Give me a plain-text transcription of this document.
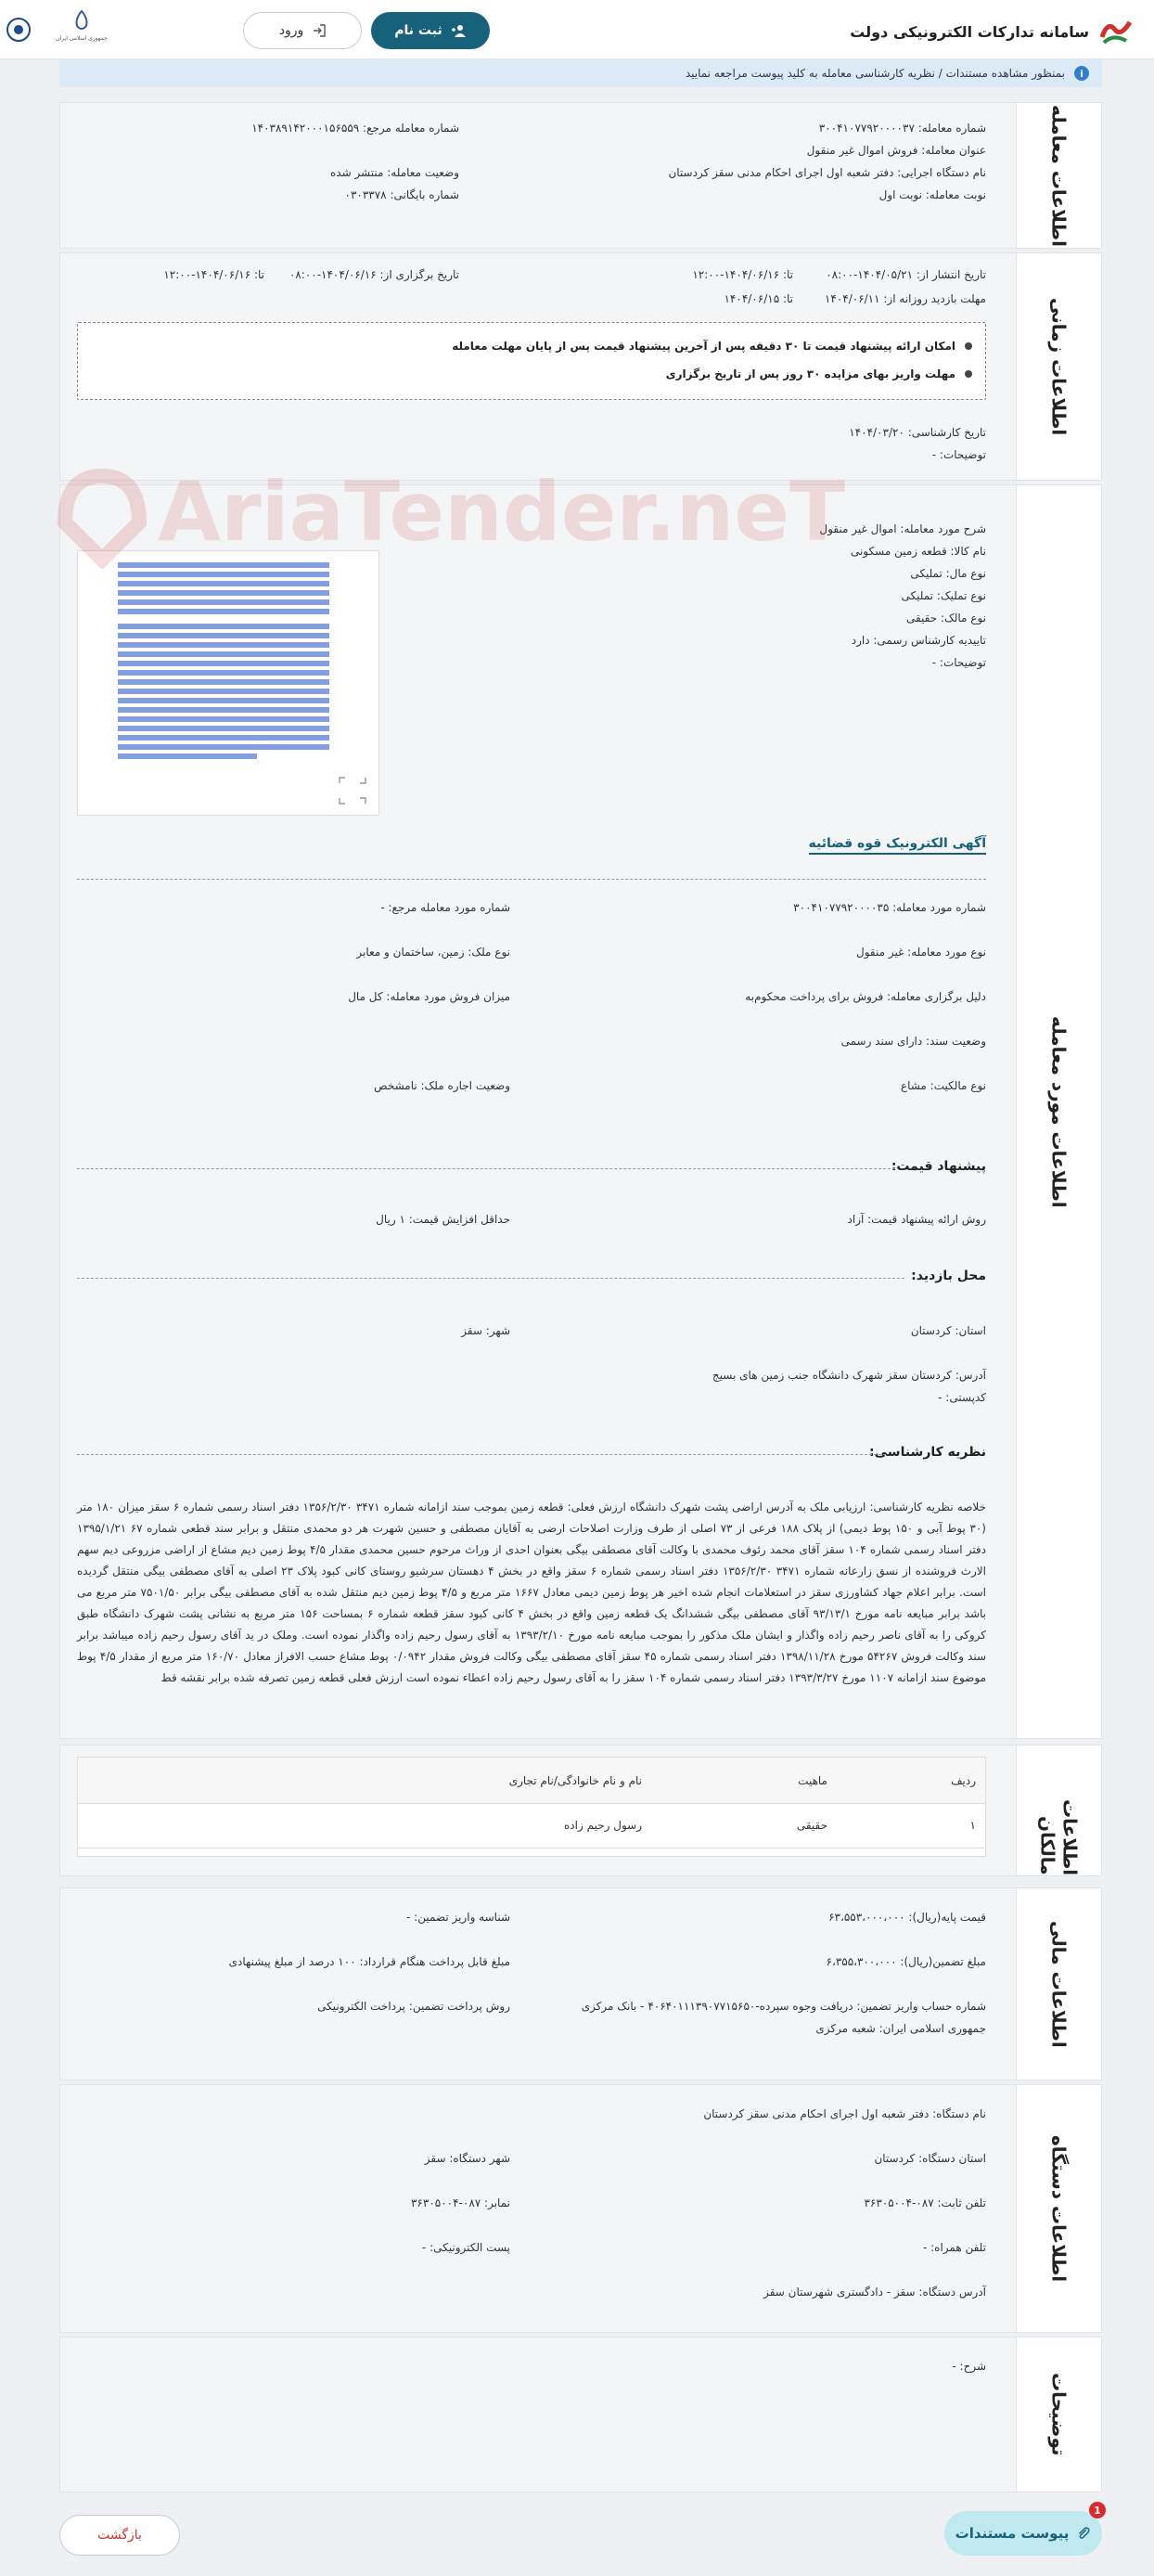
سامانه تدارکات الکترونیکی دولت
ثبت نام
ورود
جمهوری اسلامی ایران
i
بمنظور مشاهده مستندات / نظریه کارشناسی معامله به کلید پیوست مراجعه نمایید
اطلاعات معامله
شماره معامله: ۳۰۰۴۱۰۷۷۹۲۰۰۰۰۳۷
شماره معامله مرجع: ۱۴۰۳۸۹۱۴۲۰۰۰۱۵۶۵۵۹
عنوان معامله: فروش اموال غیر منقول
نام دستگاه اجرایی: دفتر شعبه اول اجرای احکام مدنی سقز کردستان
وضعیت معامله: منتشر شده
نوبت معامله: نوبت اول
شماره بایگانی: ۰۳۰۳۳۷۸
اطلاعات زمانی
تاریخ انتشار از: ۱۴۰۴/۰۵/۲۱-۰۸:۰۰
تا: ۱۴۰۴/۰۶/۱۶-۱۲:۰۰
تاریخ برگزاری از: ۱۴۰۴/۰۶/۱۶-۰۸:۰۰
تا: ۱۴۰۴/۰۶/۱۶-۱۲:۰۰
مهلت بازدید روزانه از: ۱۴۰۴/۰۶/۱۱
تا: ۱۴۰۴/۰۶/۱۵
امکان ارائه پیشنهاد قیمت تا ۳۰ دقیقه پس از آخرین پیشنهاد قیمت پس از پایان مهلت معامله
مهلت واریز بهای مزایده ۳۰ روز پس از تاریخ برگزاری
تاریخ کارشناسی: ۱۴۰۴/۰۳/۲۰
توضیحات: -
اطلاعات مورد معامله
شرح مورد معامله: اموال غیر منقول
نام کالا: قطعه زمین مسکونی
نوع مال: تملیکی
نوع تملیک: تملیکی
نوع مالک: حقیقی
تاییدیه کارشناس رسمی: دارد
توضیحات: -
آگهی الکترونیک قوه قضائیه
شماره مورد معامله: ۳۰۰۴۱۰۷۷۹۲۰۰۰۰۳۵
شماره مورد معامله مرجع: -
نوع مورد معامله: غیر منقول
نوع ملک: زمین، ساختمان و معابر
دلیل برگزاری معامله: فروش برای پرداخت محکوم‌به
میزان فروش مورد معامله: کل مال
وضعیت سند: دارای سند رسمی
نوع مالکیت: مشاع
وضعیت اجاره ملک: نامشخص
پیشنهاد قیمت:
روش ارائه پیشنهاد قیمت: آزاد
حداقل افزایش قیمت: ۱ ریال
محل بازدید:
استان: کردستان
شهر: سقز
آدرس: کردستان سقز شهرک دانشگاه جنب زمین های بسیج
کدپستی: -
نظریه کارشناسی:
خلاصه نظریه کارشناسی: ارزیابی ملک به آدرس اراضی پشت شهرک دانشگاه ارزش فعلی: قطعه زمین بموجب سند ازامانه شماره ۳۴۷۱ ۱۳۵۶/۲/۳۰ دفتر اسناد رسمی شماره ۶ سقز میزان ۱۸۰ متر (۳۰ پوط آبی و ۱۵۰ پوط دیمی) از پلاک ۱۸۸ فرعی از ۷۳ اصلی از طرف وزارت اصلاحات ارضی به آقایان مصطفی و حسین شهرت هر دو محمدی منتقل و برابر سند قطعی شماره ۶۷ ۱۳۹۵/۱/۲۱ دفتر اسناد رسمی شماره ۱۰۴ سقز آقای محمد رئوف محمدی با وکالت آقای مصطفی بیگی بعنوان احدی از وراث مرحوم حسین محمدی مقدار ۴/۵ پوط زمین دیم مشاع از اراضی مزروعی دیم سهم الارث فروشنده از نسق زارعانه شماره ۳۴۷۱ ۱۳۵۶/۲/۳۰ دفتر اسناد رسمی شماره ۶ سقز واقع در بخش ۴ دهستان سرشیو روستای کانی کبود پلاک ۲۳ اصلی به آقای مصطفی بیگی منتقل گردیده است. برابر اعلام جهاد کشاورزی سقز در استعلامات انجام شده اخیر هر پوط زمین دیمی معادل ۱۶۶۷ متر مربع و ۴/۵ پوط زمین دیم منتقل شده به آقای مصطفی بیگی برابر ۷۵۰۱/۵۰ متر مربع می باشد برابر مبایعه نامه مورخ ۹۳/۱۳/۱ آقای مصطفی بیگی ششدانگ یک قطعه زمین واقع در بخش ۴ کانی کبود سقز قطعه شماره ۶ بمساحت ۱۵۶ متر مربع به نشانی پشت شهرک دانشگاه طبق کروکی را به آقای ناصر رحیم زاده واگذار و ایشان ملک مذکور را بموجب مبایعه نامه مورخ ۱۳۹۳/۲/۱۰ به آقای رسول رحیم زاده واگذار نموده است. وملک در ید آقای رسول رحیم زاده میباشد برابر سند وکالت فروش ۵۴۲۶۷ مورخ ۱۳۹۸/۱۱/۲۸ دفتر اسناد رسمی شماره ۴۵ سقز آقای مصطفی بیگی وکالت فروش مقدار ۰/۰۹۴۲ پوط مشاع حسب الافراز معادل ۱۶۰/۷۰ متر مربع از مقدار ۴/۵ پوط موضوع سند ازامانه ۱۱۰۷ مورخ ۱۳۹۳/۳/۲۷ دفتر اسناد رسمی شماره ۱۰۴ سقز را به آقای رسول رحیم زاده اعطاء نموده است ارزش فعلی قطعه زمین تصرفه شده برابر نقشه قط
AriaTender.neT
اطلاعات مالکان
ردیف
ماهیت
نام و نام خانوادگی/نام تجاری
۱
حقیقی
رسول رحیم زاده
اطلاعات مالی
قیمت پایه(ریال): ۶۳،۵۵۳،۰۰۰،۰۰۰
شناسه واریز تضمین: -
مبلغ تضمین(ریال): ۶،۳۵۵،۳۰۰،۰۰۰
مبلغ قابل پرداخت هنگام قرارداد: ۱۰۰ درصد از مبلغ پیشنهادی
شماره حساب واریز تضمین: دریافت وجوه سپرده-۴۰۶۴۰۱۱۱۳۹۰۷۷۱۵۶۵۰ - بانک مرکزی
روش پرداخت تضمین: پرداخت الکترونیکی
جمهوری اسلامی ایران: شعبه مرکزی
اطلاعات دستگاه
نام دستگاه: دفتر شعبه اول اجرای احکام مدنی سقز کردستان
استان دستگاه: کردستان
شهر دستگاه: سقز
تلفن ثابت: ۰۸۷-۳۶۳۰۵۰۰۴
نمابر: ۰۸۷-۳۶۳۰۵۰۰۴
تلفن همراه: -
پست الکترونیکی: -
آدرس دستگاه: سقز - دادگستری شهرستان سقز
توضیحات
شرح: -
بازگشت	پیوست مستندات
1
